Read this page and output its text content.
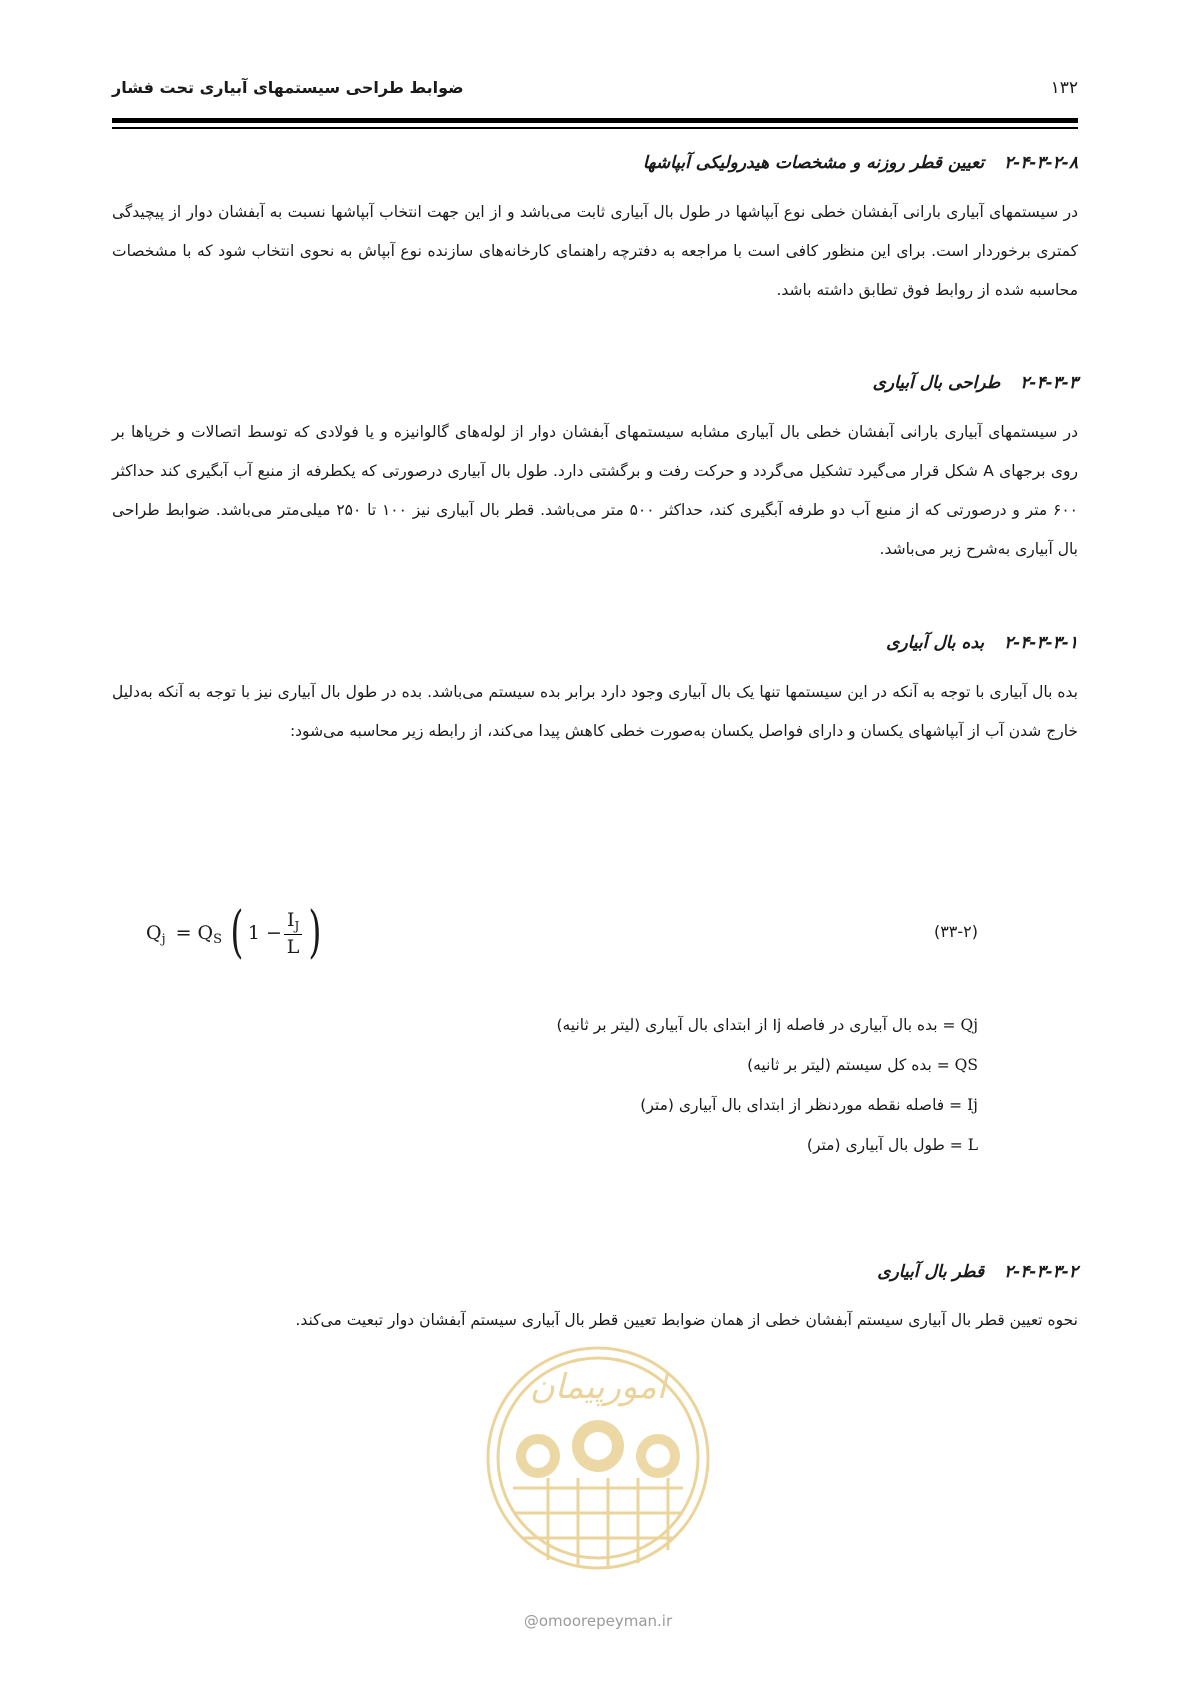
ضوابط طراحی سیستمهای آبیاری تحت فشار	۱۳۲
۲-۴-۳-۲-۸تعیین قطر روزنه و مشخصات هیدرولیکی آبپاشها
در سیستمهای آبیاری بارانی آبفشان خطی نوع آبپاشها در طول بال آبیاری ثابت می‌باشد و از این جهت انتخاب آبپاشها نسبت به آبفشان دوار از پیچیدگی کمتری برخوردار است. برای این منظور کافی است با مراجعه به دفترچه راهنمای کارخانه‌های سازنده نوع آبپاش به نحوی انتخاب شود که با مشخصات محاسبه شده از روابط فوق تطابق داشته باشد.
۲-۴-۳-۳طراحی بال آبیاری
در سیستمهای آبیاری بارانی آبفشان خطی بال آبیاری مشابه سیستمهای آبفشان دوار از لوله‌های گالوانیزه و یا فولادی که توسط اتصالات و خرپاها بر روی برجهای A شکل قرار می‌گیرد تشکیل می‌گردد و حرکت رفت و برگشتی دارد. طول بال آبیاری درصورتی که یکطرفه از منبع آب آبگیری کند حداکثر ۶۰۰ متر و درصورتی که از منبع آب دو طرفه آبگیری کند، حداکثر ۵۰۰ متر می‌باشد. قطر بال آبیاری نیز ۱۰۰ تا ۲۵۰ میلی‌متر می‌باشد. ضوابط طراحی بال آبیاری به‌شرح زیر می‌باشد.
۲-۴-۳-۳-۱بده بال آبیاری
بده بال آبیاری با توجه به آنکه در این سیستمها تنها یک بال آبیاری وجود دارد برابر بده سیستم می‌باشد. بده در طول بال آبیاری نیز با توجه به آنکه به‌دلیل خارج شدن آب از آبپاشهای یکسان و دارای فواصل یکسان به‌صورت خطی کاهش پیدا می‌کند، از رابطه زیر محاسبه می‌شود:
۲-۴-۳-۳-۲قطر بال آبیاری
نحوه تعیین قطر بال آبیاری سیستم آبفشان خطی از همان ضوابط تعیین قطر بال آبیاری سیستم آبفشان دوار تبعیت می‌کند.
Q j = Q S ( $1 - \frac{I_J}{L}$ )	(۳۳-۲)
Qj = بده بال آبیاری در فاصله Ij از ابتدای بال آبیاری (لیتر بر ثانیه)
QS = بده کل سیستم (لیتر بر ثانیه)
Ij = فاصله نقطه موردنظر از ابتدای بال آبیاری (متر)
L = طول بال آبیاری (متر)
امورپیمان
@omoorepeyman.ir
